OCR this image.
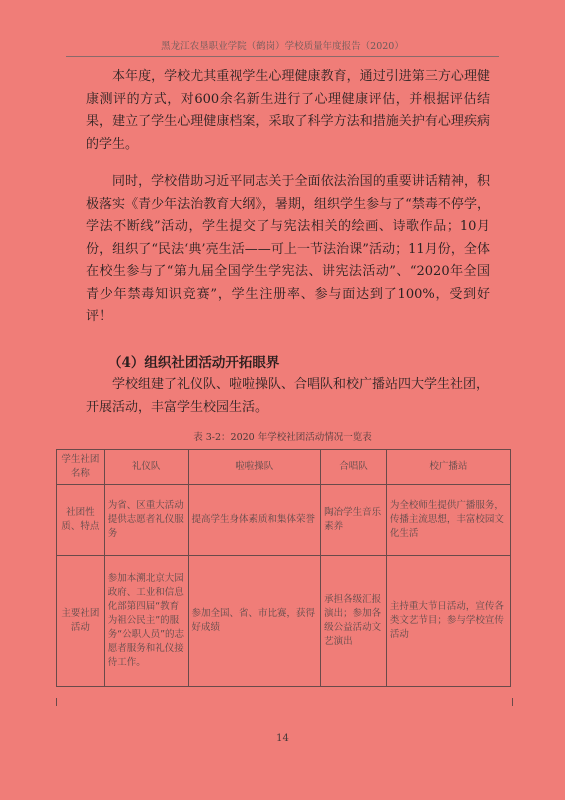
黑龙江农垦职业学院（鹤岗）学校质量年度报告（2020）

本年度，学校尤其重视学生心理健康教育，通过引进第三方心理健康测评的方式，对600余名新生进行了心理健康评估，并根据评估结果，建立了学生心理健康档案，采取了科学方法和措施关护有心理疾病的学生。

同时，学校借助习近平同志关于全面依法治国的重要讲话精神，积极落实《青少年法治教育大纲》，暑期，组织学生参与了“禁毒不停学，学法不断线”活动，学生提交了与宪法相关的绘画、诗歌作品；10月份，组织了“民法‘典’亮生活——可上一节法治课”活动；11月份，全体在校生参与了“第九届全国学生学宪法、讲宪法活动”、“2020年全国青少年禁毒知识竞赛”，学生注册率、参与面达到了100%，受到好评！

（4）组织社团活动开拓眼界

学校组建了礼仪队、啦啦操队、合唱队和校广播站四大学生社团，开展活动，丰富学生校园生活。

表 3-2：2020 年学校社团活动情况一览表
学生社团名称	礼仪队	啦啦操队	合唱队	校广播站
社团性质、特点	为省、区重大活动提供志愿者礼仪服务	提高学生身体素质和集体荣誉	陶冶学生音乐素养	为全校师生提供广播服务，传播主流思想，丰富校园文化生活
主要社团活动	参加本溯北京大园政府、工业和信息化部第四届“教育为祖公民主”的服务“公职人员”的志愿者服务和礼仪接待工作。	参加全国、省、市比赛，获得好成绩	承担各级汇报演出；参加各级公益活动文艺演出	主持重大节日活动，宣传各类文艺节目；参与学校宣传活动
14
